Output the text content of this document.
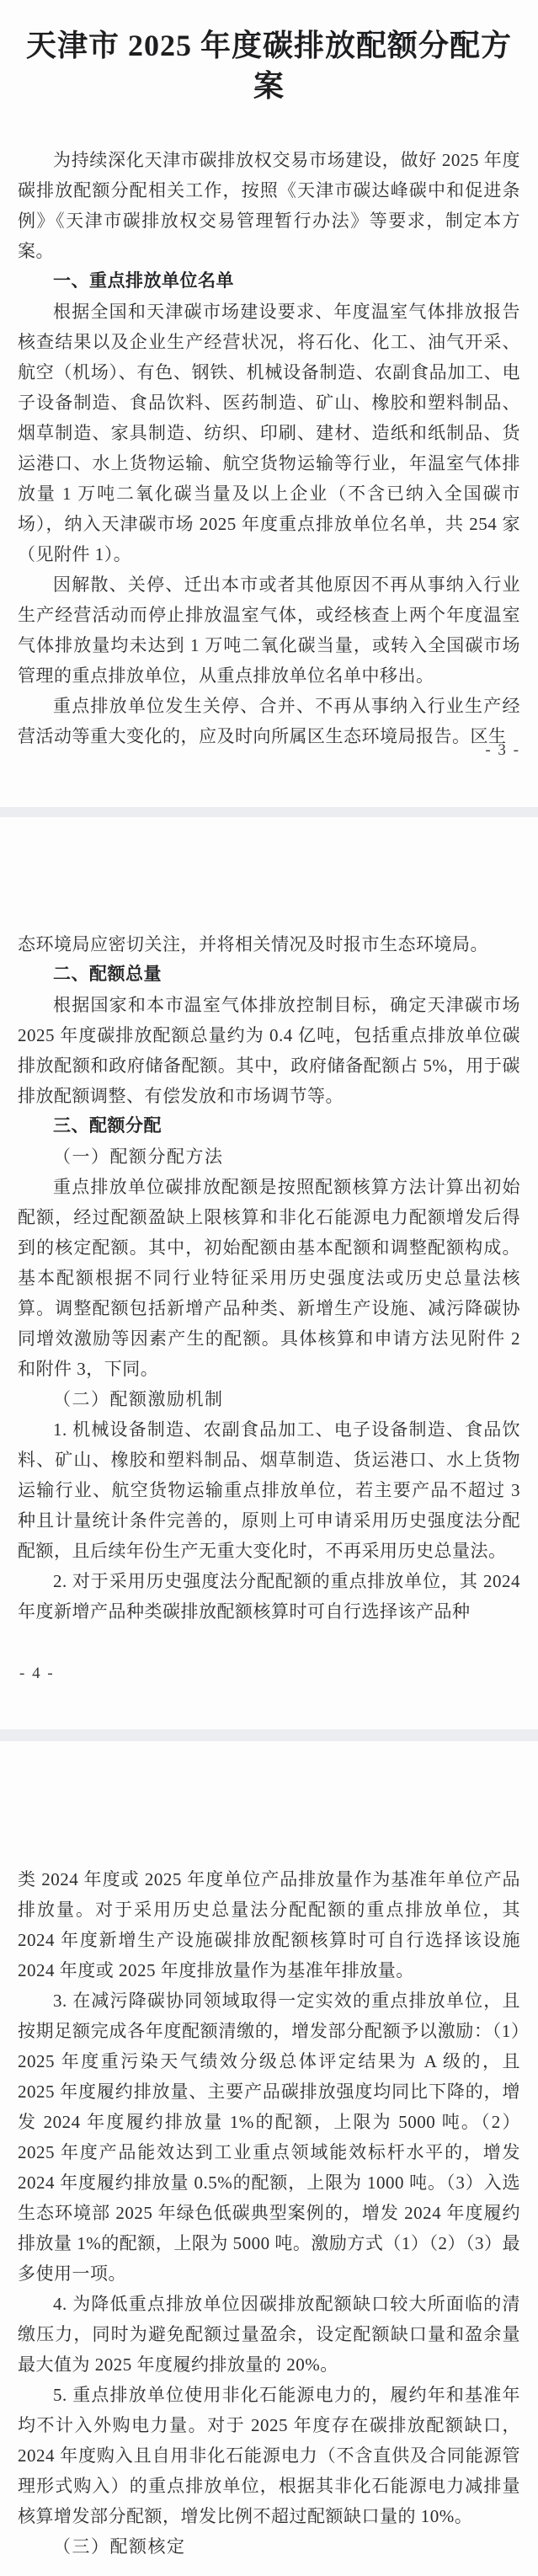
天津市 2025 年度碳排放配额分配方案

为持续深化天津市碳排放权交易市场建设，做好 2025 年度碳排放配额分配相关工作，按照《天津市碳达峰碳中和促进条例》《天津市碳排放权交易管理暂行办法》等要求，制定本方案。

一、重点排放单位名单

根据全国和天津碳市场建设要求、年度温室气体排放报告核查结果以及企业生产经营状况，将石化、化工、油气开采、航空（机场）、有色、钢铁、机械设备制造、农副食品加工、电子设备制造、食品饮料、医药制造、矿山、橡胶和塑料制品、烟草制造、家具制造、纺织、印刷、建材、造纸和纸制品、货运港口、水上货物运输、航空货物运输等行业，年温室气体排放量 1 万吨二氧化碳当量及以上企业（不含已纳入全国碳市场），纳入天津碳市场 2025 年度重点排放单位名单，共 254 家（见附件 1）。

因解散、关停、迁出本市或者其他原因不再从事纳入行业生产经营活动而停止排放温室气体，或经核查上两个年度温室气体排放量均未达到 1 万吨二氧化碳当量，或转入全国碳市场管理的重点排放单位，从重点排放单位名单中移出。

重点排放单位发生关停、合并、不再从事纳入行业生产经营活动等重大变化的，应及时向所属区生态环境局报告。区生

- 3 -

态环境局应密切关注，并将相关情况及时报市生态环境局。

二、配额总量

根据国家和本市温室气体排放控制目标，确定天津碳市场 2025 年度碳排放配额总量约为 0.4 亿吨，包括重点排放单位碳排放配额和政府储备配额。其中，政府储备配额占 5%，用于碳排放配额调整、有偿发放和市场调节等。

三、配额分配

（一）配额分配方法

重点排放单位碳排放配额是按照配额核算方法计算出初始配额，经过配额盈缺上限核算和非化石能源电力配额增发后得到的核定配额。其中，初始配额由基本配额和调整配额构成。基本配额根据不同行业特征采用历史强度法或历史总量法核算。调整配额包括新增产品种类、新增生产设施、减污降碳协同增效激励等因素产生的配额。具体核算和申请方法见附件 2 和附件 3，下同。

（二）配额激励机制

1. 机械设备制造、农副食品加工、电子设备制造、食品饮料、矿山、橡胶和塑料制品、烟草制造、货运港口、水上货物运输行业、航空货物运输重点排放单位，若主要产品不超过 3 种且计量统计条件完善的，原则上可申请采用历史强度法分配配额，且后续年份生产无重大变化时，不再采用历史总量法。

2. 对于采用历史强度法分配配额的重点排放单位，其 2024 年度新增产品种类碳排放配额核算时可自行选择该产品种

- 4 -

类 2024 年度或 2025 年度单位产品排放量作为基准年单位产品排放量。对于采用历史总量法分配配额的重点排放单位，其 2024 年度新增生产设施碳排放配额核算时可自行选择该设施 2024 年度或 2025 年度排放量作为基准年排放量。

3. 在减污降碳协同领域取得一定实效的重点排放单位，且按期足额完成各年度配额清缴的，增发部分配额予以激励：（1）2025 年度重污染天气绩效分级总体评定结果为 A 级的，且 2025 年度履约排放量、主要产品碳排放强度均同比下降的，增发 2024 年度履约排放量 1%的配额，上限为 5000 吨。（2）2025 年度产品能效达到工业重点领域能效标杆水平的，增发 2024 年度履约排放量 0.5%的配额，上限为 1000 吨。（3）入选生态环境部 2025 年绿色低碳典型案例的，增发 2024 年度履约排放量 1%的配额，上限为 5000 吨。激励方式（1）（2）（3）最多使用一项。

4. 为降低重点排放单位因碳排放配额缺口较大所面临的清缴压力，同时为避免配额过量盈余，设定配额缺口量和盈余量最大值为 2025 年度履约排放量的 20%。

5. 重点排放单位使用非化石能源电力的，履约年和基准年均不计入外购电力量。对于 2025 年度存在碳排放配额缺口，2024 年度购入且自用非化石能源电力（不含直供及合同能源管理形式购入）的重点排放单位，根据其非化石能源电力减排量核算增发部分配额，增发比例不超过配额缺口量的 10%。

（三）配额核定
